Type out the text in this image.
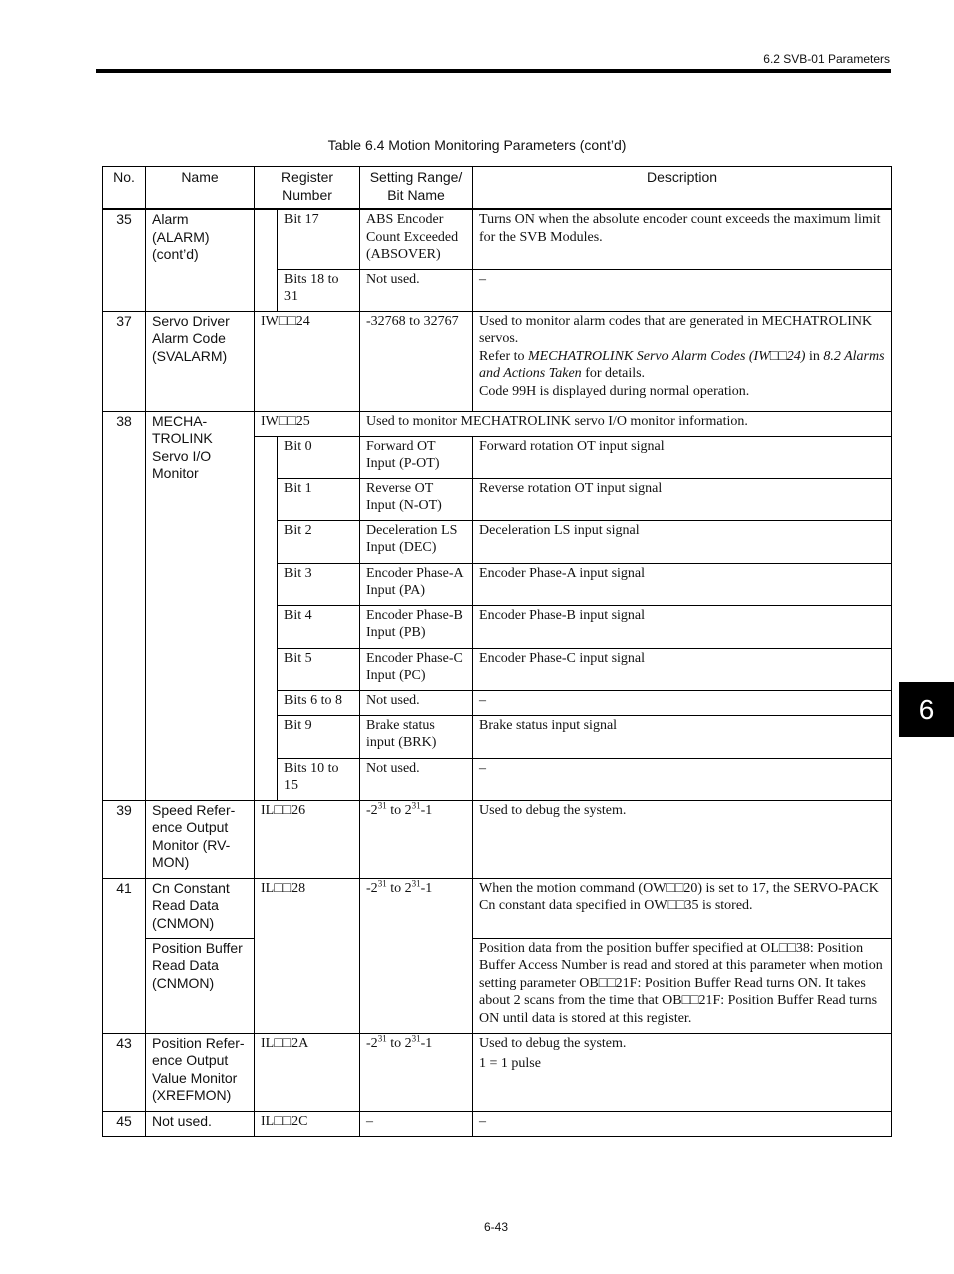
6.2 SVB-01 Parameters
6
Table 6.4 Motion Monitoring Parameters (cont’d)
No.	Name	Register Number		Setting Range/ Bit Name	Description
35	Alarm (ALARM) (cont’d)		Bit 17	ABS Encoder Count Exceeded (ABSOVER)	Turns ON when the absolute encoder count exceeds the maximum limit for the SVB Modules.
			Bits 18 to 31	Not used.	–
37	Servo Driver Alarm Code (SVALARM)	IW□□24		-32768 to 32767	Used to monitor alarm codes that are generated in MECHATROLINK servos.

Refer to MECHATROLINK Servo Alarm Codes (IW□□24) in 8.2 Alarms and Actions Taken for details.

Code 99H is displayed during normal operation.

38	MECHA-TROLINK Servo I/O Monitor	IW□□25		Used to monitor MECHATROLINK servo I/O monitor information.	
			Bit 0	Forward OT Input (P-OT)	Forward rotation OT input signal
			Bit 1	Reverse OT Input (N-OT)	Reverse rotation OT input signal
			Bit 2	Deceleration LS Input (DEC)	Deceleration LS input signal
			Bit 3	Encoder Phase-A Input (PA)	Encoder Phase-A input signal
			Bit 4	Encoder Phase-B Input (PB)	Encoder Phase-B input signal
			Bit 5	Encoder Phase-C Input (PC)	Encoder Phase-C input signal
			Bits 6 to 8	Not used.	–
			Bit 9	Brake status input (BRK)	Brake status input signal
			Bits 10 to 15	Not used.	–
39	Speed Refer-ence Output Monitor (RV-MON)	IL□□26		$-2^{31}$ to $2^{31}-1$	Used to debug the system.
41	Cn Constant Read Data (CNMON)	IL□□28		$-2^{31}$ to $2^{31}-1$	When the motion command (OW□□20) is set to 17, the SERVO-PACK Cn constant data specified in OW□□35 is stored.
	Position Buffer Read Data (CNMON)				Position data from the position buffer specified at OL□□38: Position Buffer Access Number is read and stored at this parameter when motion setting parameter OB□□21F: Position Buffer Read turns ON. It takes about 2 scans from the time that OB□□21F: Position Buffer Read turns ON until data is stored at this register.
43	Position Refer-ence Output Value Monitor (XREFMON)	IL□□2A		$-2^{31}$ to $2^{31}-1$	Used to debug the system.

1 = 1 pulse

45	Not used.	IL□□2C		–	–
6-43
